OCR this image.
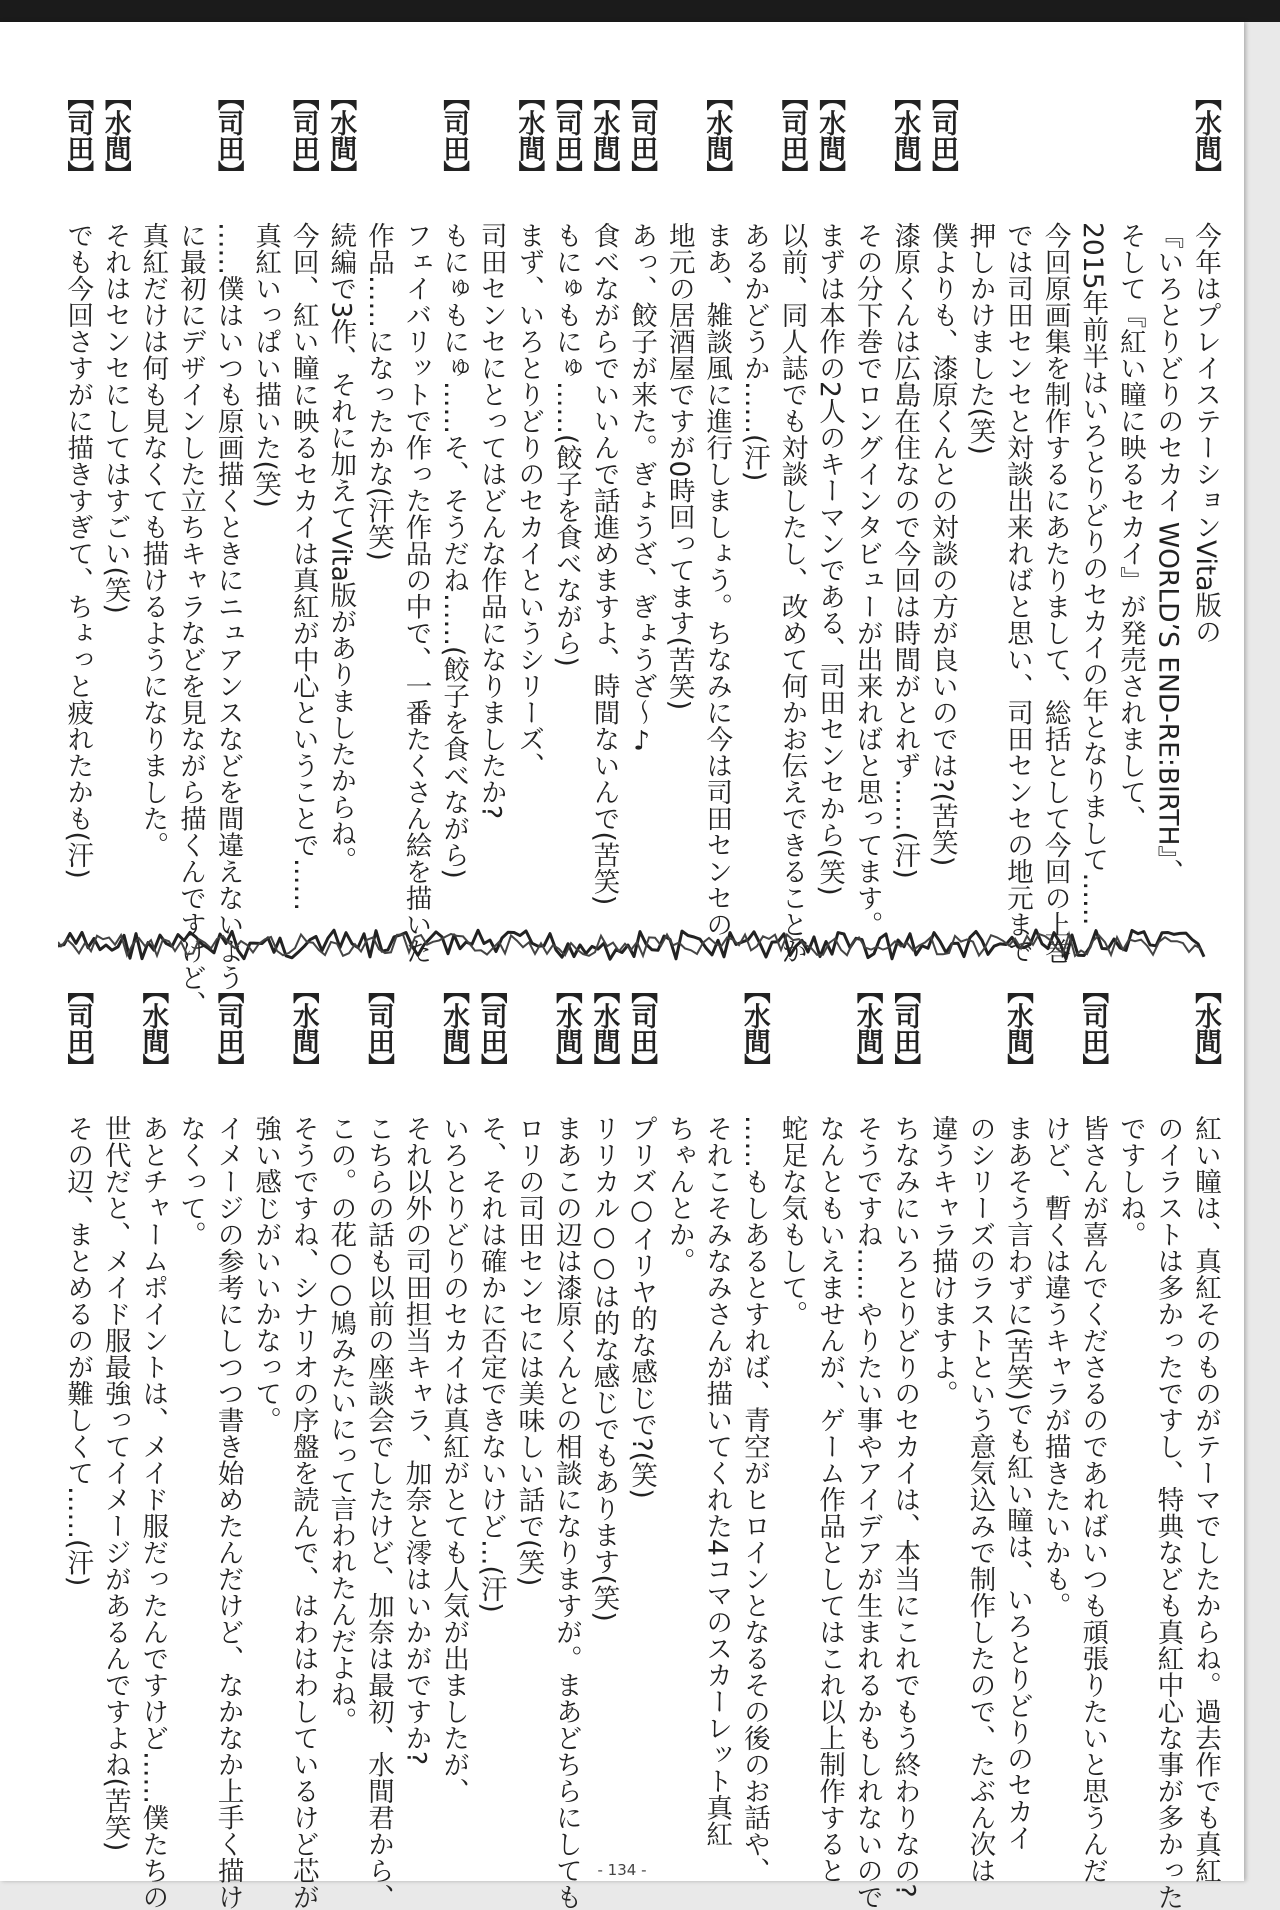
【水間】
今年はプレイステーションVita版の
『いろとりどりのセカイ WORLD’S END-RE:BIRTH』、
そして『紅い瞳に映るセカイ』が発売されまして、
2015年前半はいろとりどりのセカイの年となりまして……
今回原画集を制作するにあたりまして、総括として今回の上巻
では司田センセと対談出来ればと思い、司田センセの地元まで
押しかけました(笑)
【司田】
僕よりも、漆原くんとの対談の方が良いのでは?(苦笑)
【水間】
漆原くんは広島在住なので今回は時間がとれず……(汗)
その分下巻でロングインタビューが出来ればと思ってます。
【水間】
まずは本作の2人のキーマンである、司田センセから(笑)
【司田】
以前、同人誌でも対談したし、改めて何かお伝えできることが
あるかどうか……(汗)
【水間】
まあ、雑談風に進行しましょう。ちなみに今は司田センセの
地元の居酒屋ですが0時回ってます(苦笑)
【司田】
あっ、餃子が来た。ぎょうざ、ぎょうざ～♪
【水間】
食べながらでいいんで話進めますよ、時間ないんで(苦笑)
【司田】
もにゅもにゅ……(餃子を食べながら)
【水間】
まず、いろとりどりのセカイというシリーズ、
司田センセにとってはどんな作品になりましたか?
【司田】
もにゅもにゅ……そ、そうだね……(餃子を食べながら)
フェイバリットで作った作品の中で、一番たくさん絵を描いた
作品……になったかな(汗笑)
【水間】
続編で3作、それに加えてVita版がありましたからね。
【司田】
今回、紅い瞳に映るセカイは真紅が中心ということで……
真紅いっぱい描いた(笑)
【司田】
……僕はいつも原画描くときにニュアンスなどを間違えないよう
に最初にデザインした立ちキャラなどを見ながら描くんですけど、
真紅だけは何も見なくても描けるようになりました。
【水間】
それはセンセにしてはすごい(笑)
【司田】
でも今回さすがに描きすぎて、ちょっと疲れたかも(汗)
【水間】
紅い瞳は、真紅そのものがテーマでしたからね。過去作でも真紅
のイラストは多かったですし、特典なども真紅中心な事が多かった
ですしね。
【司田】
皆さんが喜んでくださるのであればいつも頑張りたいと思うんだ
けど、暫くは違うキャラが描きたいかも。
【水間】
まあそう言わずに(苦笑)でも紅い瞳は、いろとりどりのセカイ
のシリーズのラストという意気込みで制作したので、たぶん次は
違うキャラ描けますよ。
【司田】
ちなみにいろとりどりのセカイは、本当にこれでもう終わりなの?
【水間】
そうですね……やりたい事やアイデアが生まれるかもしれないので
なんともいえませんが、ゲーム作品としてはこれ以上制作すると
蛇足な気もして。
【水間】
……もしあるとすれば、青空がヒロインとなるその後のお話や、
それこそみなみさんが描いてくれた4コマのスカーレット真紅
ちゃんとか。
【司田】
プリズ○イリヤ的な感じで?(笑)
【水間】
リリカル○○は的な感じでもあります(笑)
【水間】
まあこの辺は漆原くんとの相談になりますが。まあどちらにしても
ロリの司田センセには美味しい話で(笑)
【司田】
そ、それは確かに否定できないけど…(汗)
【水間】
いろとりどりのセカイは真紅がとても人気が出ましたが、
それ以外の司田担当キャラ、加奈と澪はいかがですか?
【司田】
こちらの話も以前の座談会でしたけど、加奈は最初、水間君から、
この。の花○○鳩みたいにって言われたんだよね。
【水間】
そうですね、シナリオの序盤を読んで、はわはわしているけど芯が
強い感じがいいかなって。
【司田】
イメージの参考にしつつ書き始めたんだけど、なかなか上手く描け
なくって。
【水間】
あとチャームポイントは、メイド服だったんですけど……僕たちの
世代だと、メイド服最強ってイメージがあるんですよね(苦笑)
【司田】
その辺、まとめるのが難しくて……(汗)
- 134 -
